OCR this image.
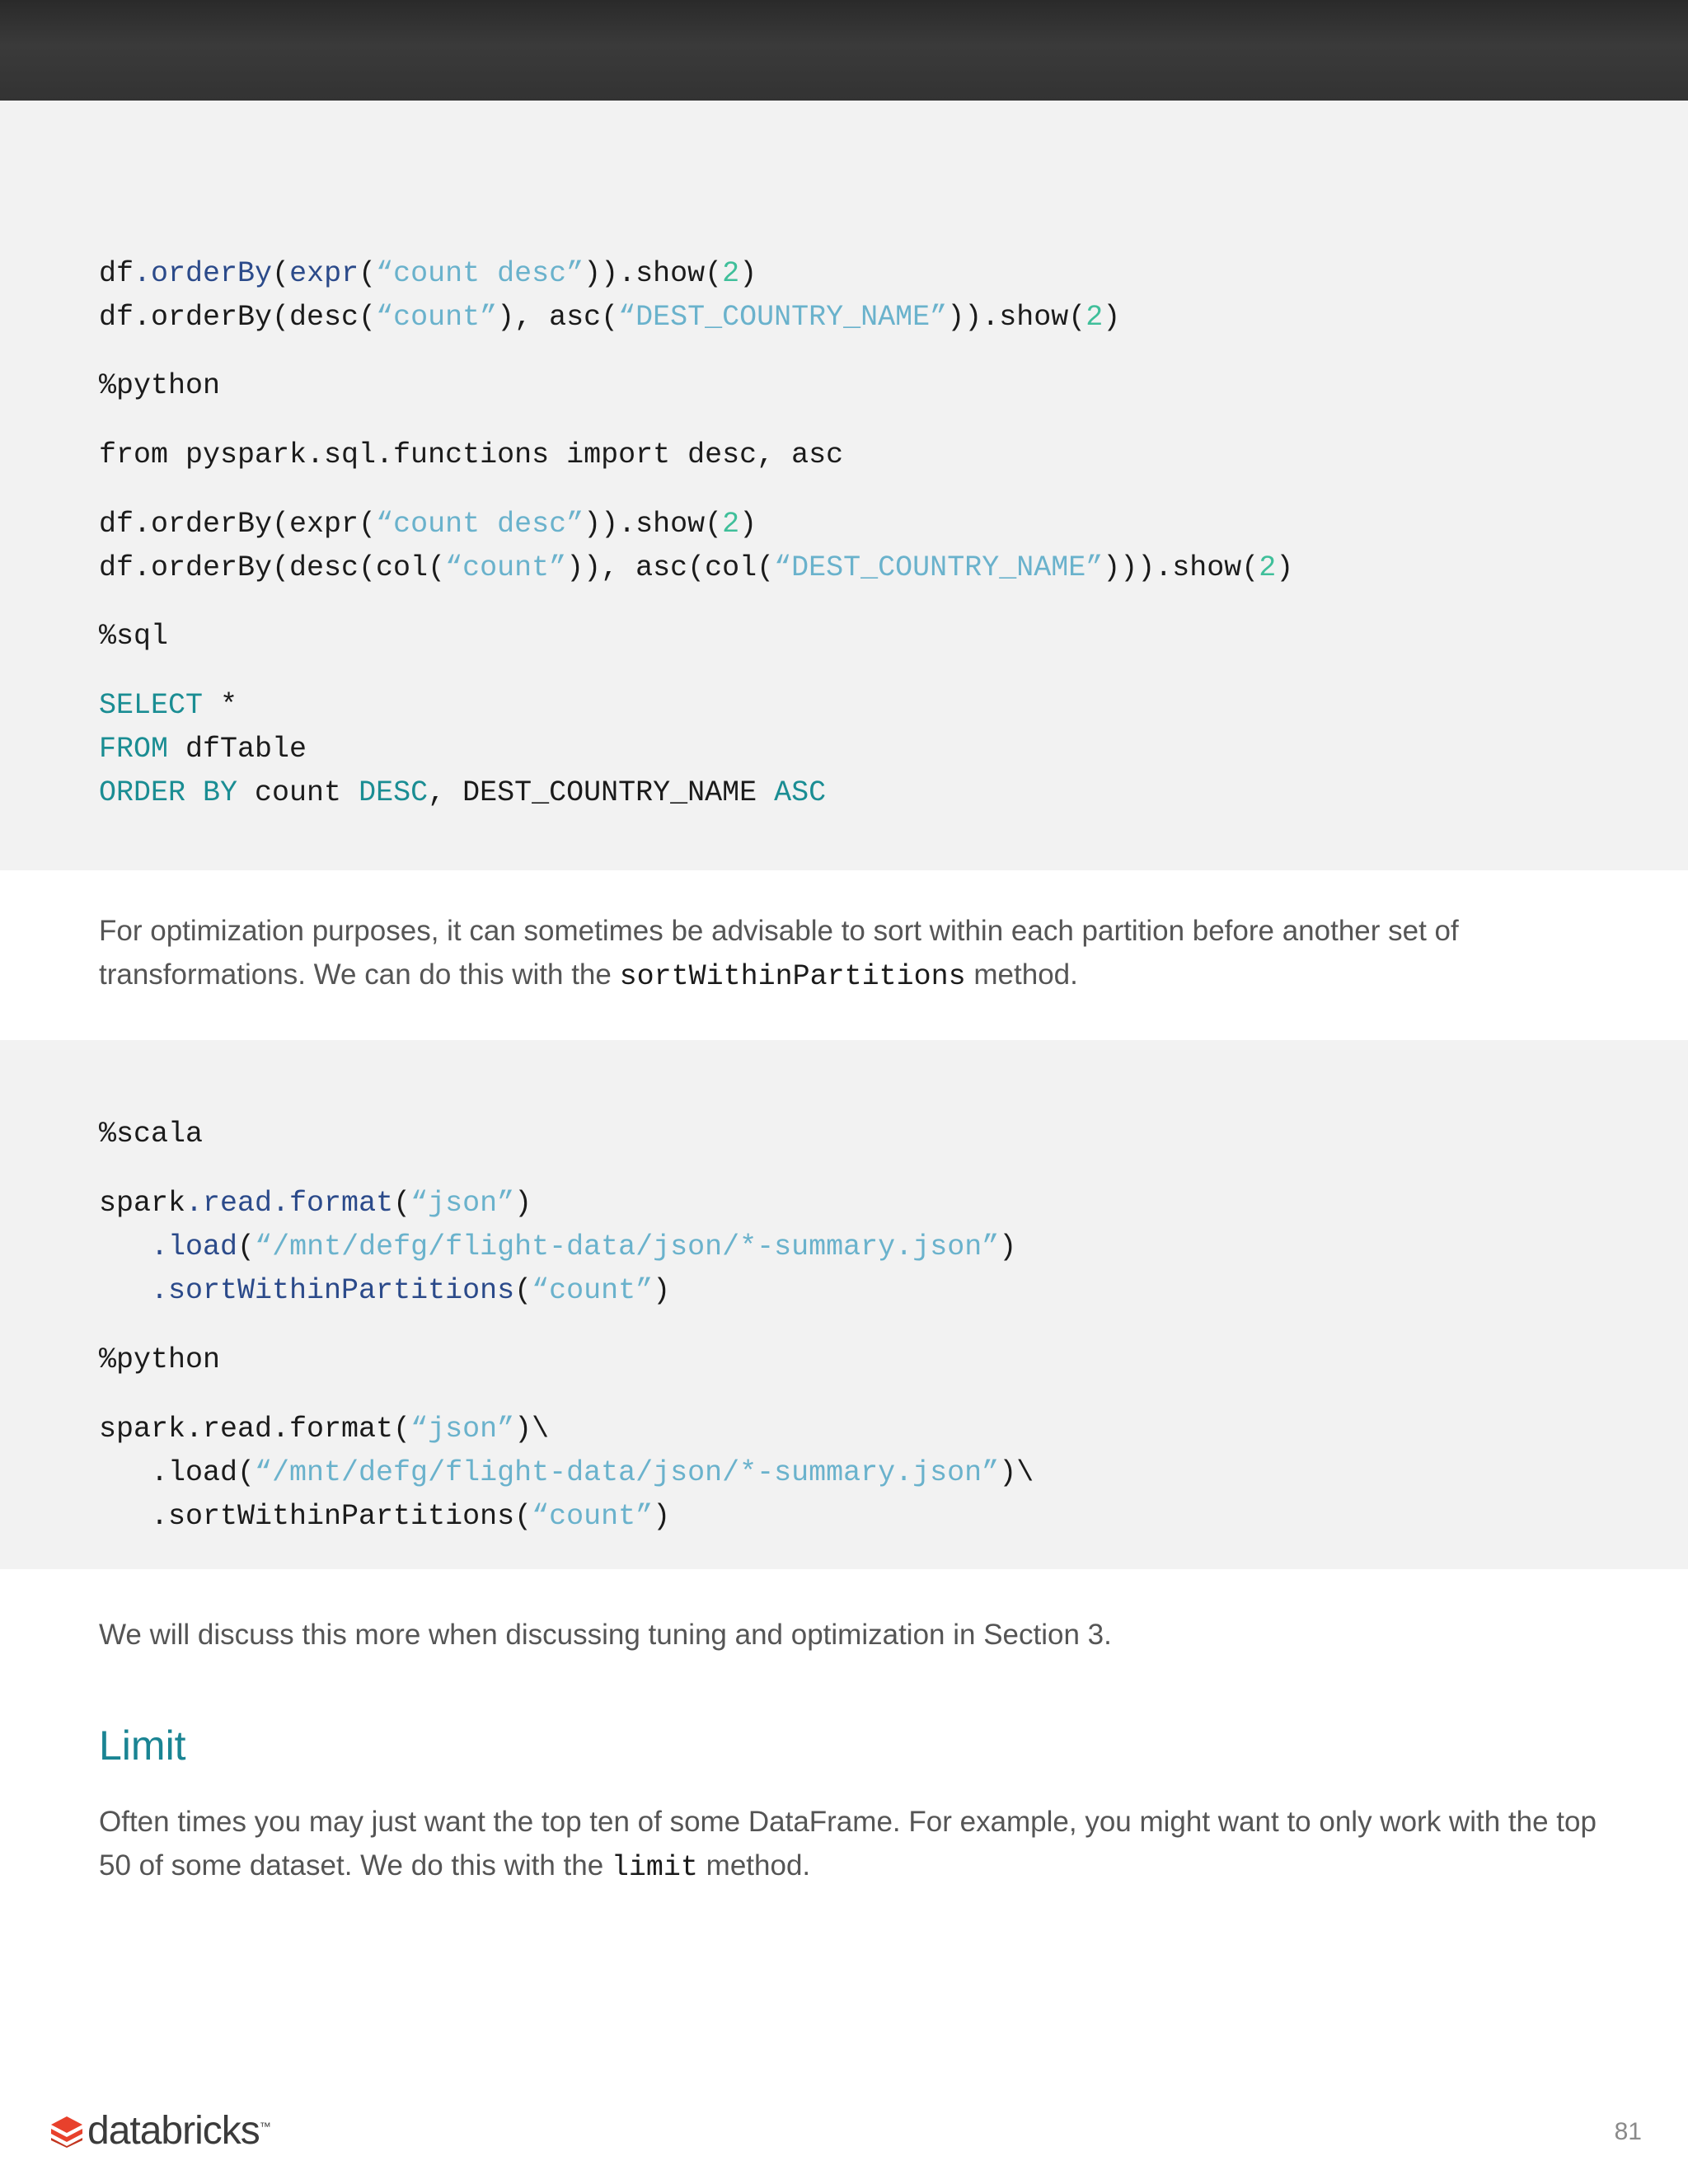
df.orderBy(expr(“count desc”)).show(2)
df.orderBy(desc(“count”), asc(“DEST_COUNTRY_NAME”)).show(2)
%python
from pyspark.sql.functions import desc, asc
df.orderBy(expr(“count desc”)).show(2)
df.orderBy(desc(col(“count”)), asc(col(“DEST_COUNTRY_NAME”))).show(2)
%sql
SELECT *
FROM dfTable
ORDER BY count DESC, DEST_COUNTRY_NAME ASC

For optimization purposes, it can sometimes be advisable to sort within each partition before another set of transformations. We can do this with the sortWithinPartitions method.

%scala
spark.read.format(“json”)
.load(“/mnt/defg/flight-data/json/*-summary.json”)
.sortWithinPartitions(“count”)
%python
spark.read.format(“json”)\
.load(“/mnt/defg/flight-data/json/*-summary.json”)\
.sortWithinPartitions(“count”)

We will discuss this more when discussing tuning and optimization in Section 3.

Limit

Often times you may just want the top ten of some DataFrame. For example, you might want to only work with the top 50 of some dataset. We do this with the limit method.

databricks ™	81
